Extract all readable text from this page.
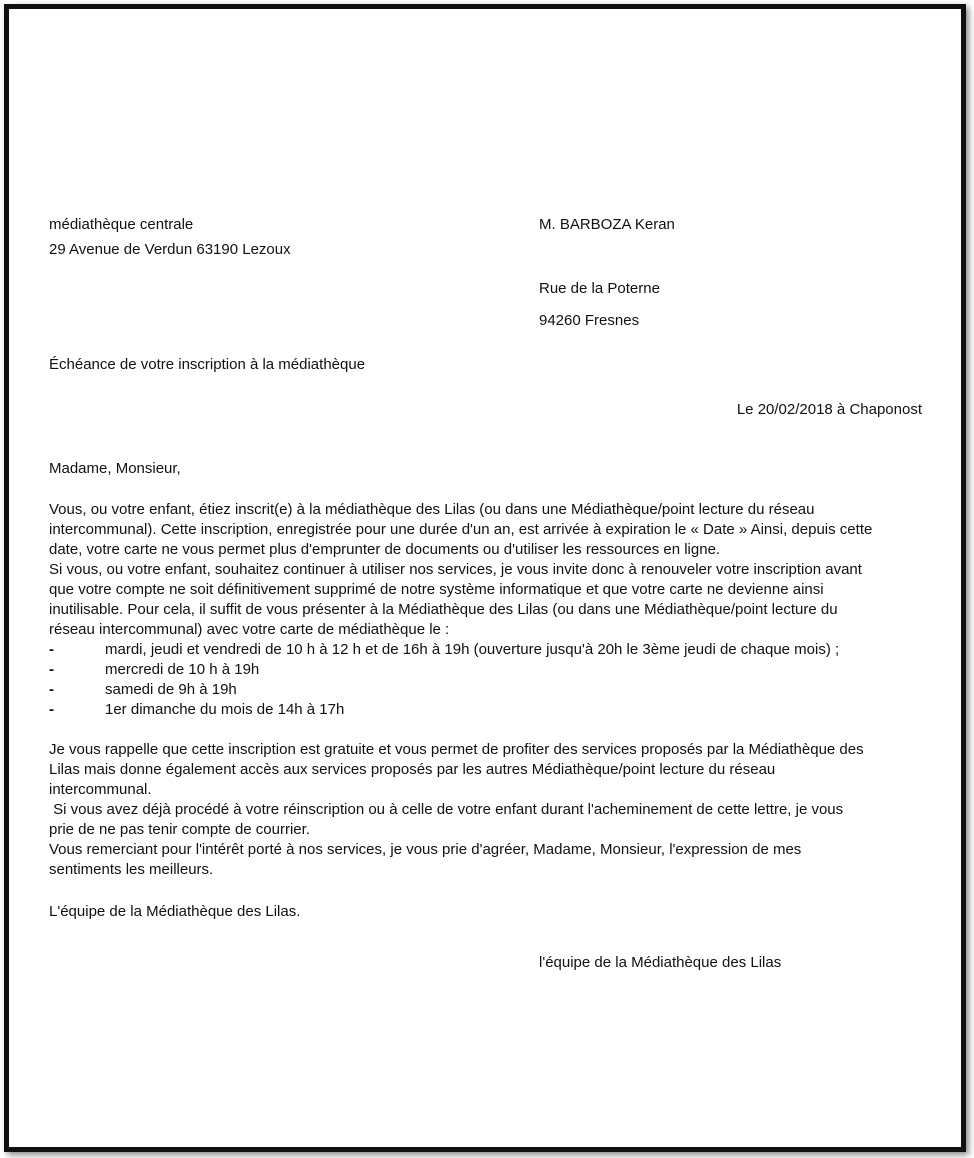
médiathèque centrale
29 Avenue de Verdun 63190 Lezoux
M. BARBOZA Keran
Rue de la Poterne
94260 Fresnes
Échéance de votre inscription à la médiathèque
Le 20/02/2018 à Chaponost
Madame, Monsieur,
Vous, ou votre enfant, étiez inscrit(e) à la médiathèque des Lilas (ou dans une Médiathèque/point lecture du réseau
intercommunal). Cette inscription, enregistrée pour une durée d'un an, est arrivée à expiration le « Date » Ainsi, depuis cette
date, votre carte ne vous permet plus d'emprunter de documents ou d'utiliser les ressources en ligne.
Si vous, ou votre enfant, souhaitez continuer à utiliser nos services, je vous invite donc à renouveler votre inscription avant
que votre compte ne soit définitivement supprimé de notre système informatique et que votre carte ne devienne ainsi
inutilisable. Pour cela, il suffit de vous présenter à la Médiathèque des Lilas (ou dans une Médiathèque/point lecture du
réseau intercommunal) avec votre carte de médiathèque le :
-	mardi, jeudi et vendredi de 10 h à 12 h et de 16h à 19h (ouverture jusqu'à 20h le 3ème jeudi de chaque mois) ;
-	mercredi de 10 h à 19h
-	samedi de 9h à 19h
-	1er dimanche du mois de 14h à 17h
Je vous rappelle que cette inscription est gratuite et vous permet de profiter des services proposés par la Médiathèque des
Lilas mais donne également accès aux services proposés par les autres Médiathèque/point lecture du réseau
intercommunal.
Si vous avez déjà procédé à votre réinscription ou à celle de votre enfant durant l'acheminement de cette lettre, je vous
prie de ne pas tenir compte de courrier.
Vous remerciant pour l'intérêt porté à nos services, je vous prie d'agréer, Madame, Monsieur, l'expression de mes
sentiments les meilleurs.
L'équipe de la Médiathèque des Lilas.
l'équipe de la Médiathèque des Lilas
